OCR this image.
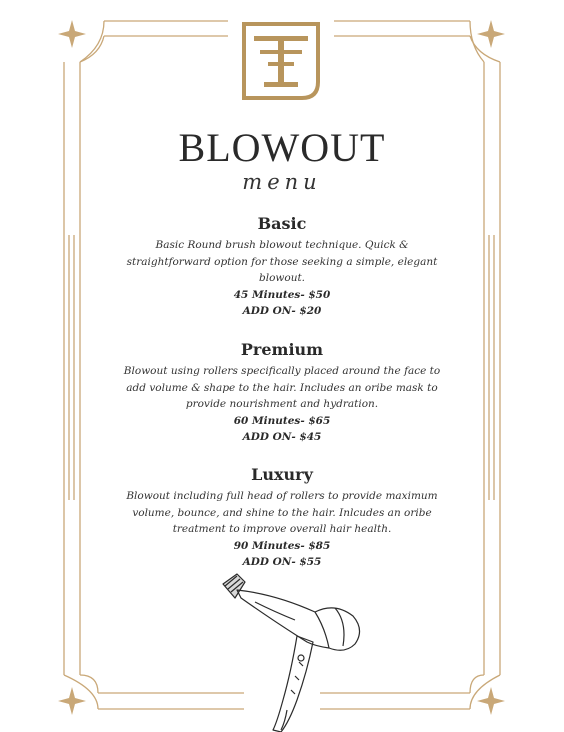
BLOWOUT
menu
Basic
Basic Round brush blowout technique. Quick & straightforward option for those seeking a simple, elegant blowout.
45 Minutes- $50
ADD ON- $20
Premium
Blowout using rollers specifically placed around the face to add volume & shape to the hair. Includes an oribe mask to provide nourishment and hydration.
60 Minutes- $65
ADD ON- $45
Luxury
Blowout including full head of rollers to provide maximum volume, bounce, and shine to the hair. Inlcudes an oribe treatment to improve overall hair health.
90 Minutes- $85
ADD ON- $55
